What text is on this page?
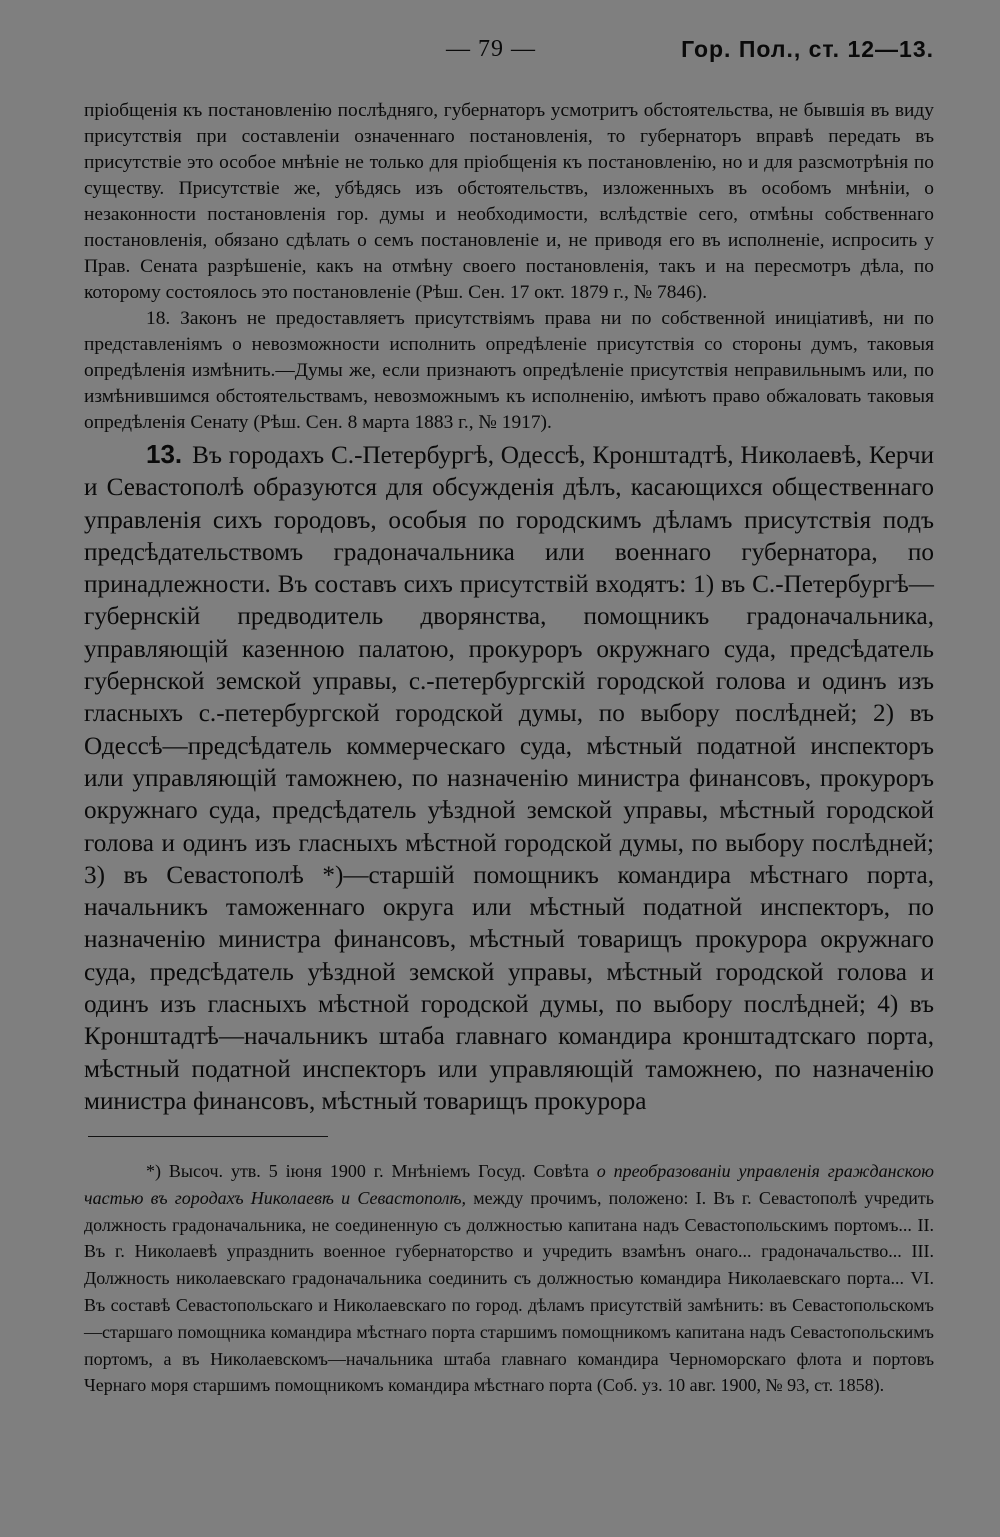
— 79 —	Гор. Пол., ст. 12—13.

пріобщенія къ постановленію послѣдняго, губернаторъ усмотритъ обстоятельства, не бывшія въ виду присутствія при составленіи означеннаго постановленія, то губернаторъ вправѣ передать въ присутствіе это особое мнѣніе не только для пріобщенія къ постановленію, но и для разсмотрѣнія по существу. Присутствіе же, убѣдясь изъ обстоятельствъ, изложенныхъ въ особомъ мнѣніи, о незаконности постановленія гор. думы и необходимости, вслѣдствіе сего, отмѣны собственнаго постановленія, обязано сдѣлать о семъ постановленіе и, не приводя его въ исполненіе, испросить у Прав. Сената разрѣшеніе, какъ на отмѣну своего постановленія, такъ и на пересмотръ дѣла, по которому состоялось это постановленіе (Рѣш. Сен. 17 окт. 1879 г., № 7846).

18. Законъ не предоставляетъ присутствіямъ права ни по собственной иниціативѣ, ни по представленіямъ о невозможности исполнить опредѣленіе присутствія со стороны думъ, таковыя опредѣленія измѣнить.—Думы же, если признаютъ опредѣленіе присутствія неправильнымъ или, по измѣнившимся обстоятельствамъ, невозможнымъ къ исполненію, имѣютъ право обжаловать таковыя опредѣленія Сенату (Рѣш. Сен. 8 марта 1883 г., № 1917).

13. Въ городахъ С.-Петербургѣ, Одессѣ, Кронштадтѣ, Николаевѣ, Керчи и Севастополѣ образуются для обсужденія дѣлъ, касающихся общественнаго управленія сихъ городовъ, особыя по городскимъ дѣламъ присутствія подъ предсѣдательствомъ градоначальника или военнаго губернатора, по принадлежности. Въ составъ сихъ присутствій входятъ: 1) въ С.-Петербургѣ—губернскій предводитель дворянства, помощникъ градоначальника, управляющій казенною палатою, прокуроръ окружнаго суда, предсѣдатель губернской земской управы, с.-петербургскій городской голова и одинъ изъ гласныхъ с.-петербургской городской думы, по выбору послѣдней; 2) въ Одессѣ—предсѣдатель коммерческаго суда, мѣстный податной инспекторъ или управляющій таможнею, по назначенію министра финансовъ, прокуроръ окружнаго суда, предсѣдатель уѣздной земской управы, мѣстный городской голова и одинъ изъ гласныхъ мѣстной городской думы, по выбору послѣдней; 3) въ Севастополѣ *)—старшій помощникъ командира мѣстнаго порта, начальникъ таможеннаго округа или мѣстный податной инспекторъ, по назначенію министра финансовъ, мѣстный товарищъ прокурора окружнаго суда, предсѣдатель уѣздной земской управы, мѣстный городской голова и одинъ изъ гласныхъ мѣстной городской думы, по выбору послѣдней; 4) въ Кронштадтѣ—начальникъ штаба главнаго командира кронштадтскаго порта, мѣстный податной инспекторъ или управляющій таможнею, по назначенію министра финансовъ, мѣстный товарищъ прокурора

*) Высоч. утв. 5 іюня 1900 г. Мнѣніемъ Госуд. Совѣта о преобразованіи управленія гражданскою частью въ городахъ Николаевѣ и Севастополѣ, между прочимъ, положено: I. Въ г. Севастополѣ учредить должность градоначальника, не соединенную съ должностью капитана надъ Севастопольскимъ портомъ... II. Въ г. Николаевѣ упразднить военное губернаторство и учредить взамѣнъ онаго... градоначальство... III. Должность николаевскаго градоначальника соединить съ должностью командира Николаевскаго порта... VI. Въ составѣ Севастопольскаго и Николаевскаго по город. дѣламъ присутствій замѣнить: въ Севастопольскомъ—старшаго помощника командира мѣстнаго порта старшимъ помощникомъ капитана надъ Севастопольскимъ портомъ, а въ Николаевскомъ—начальника штаба главнаго командира Черноморскаго флота и портовъ Чернаго моря старшимъ помощникомъ командира мѣстнаго порта (Соб. уз. 10 авг. 1900, № 93, ст. 1858).
